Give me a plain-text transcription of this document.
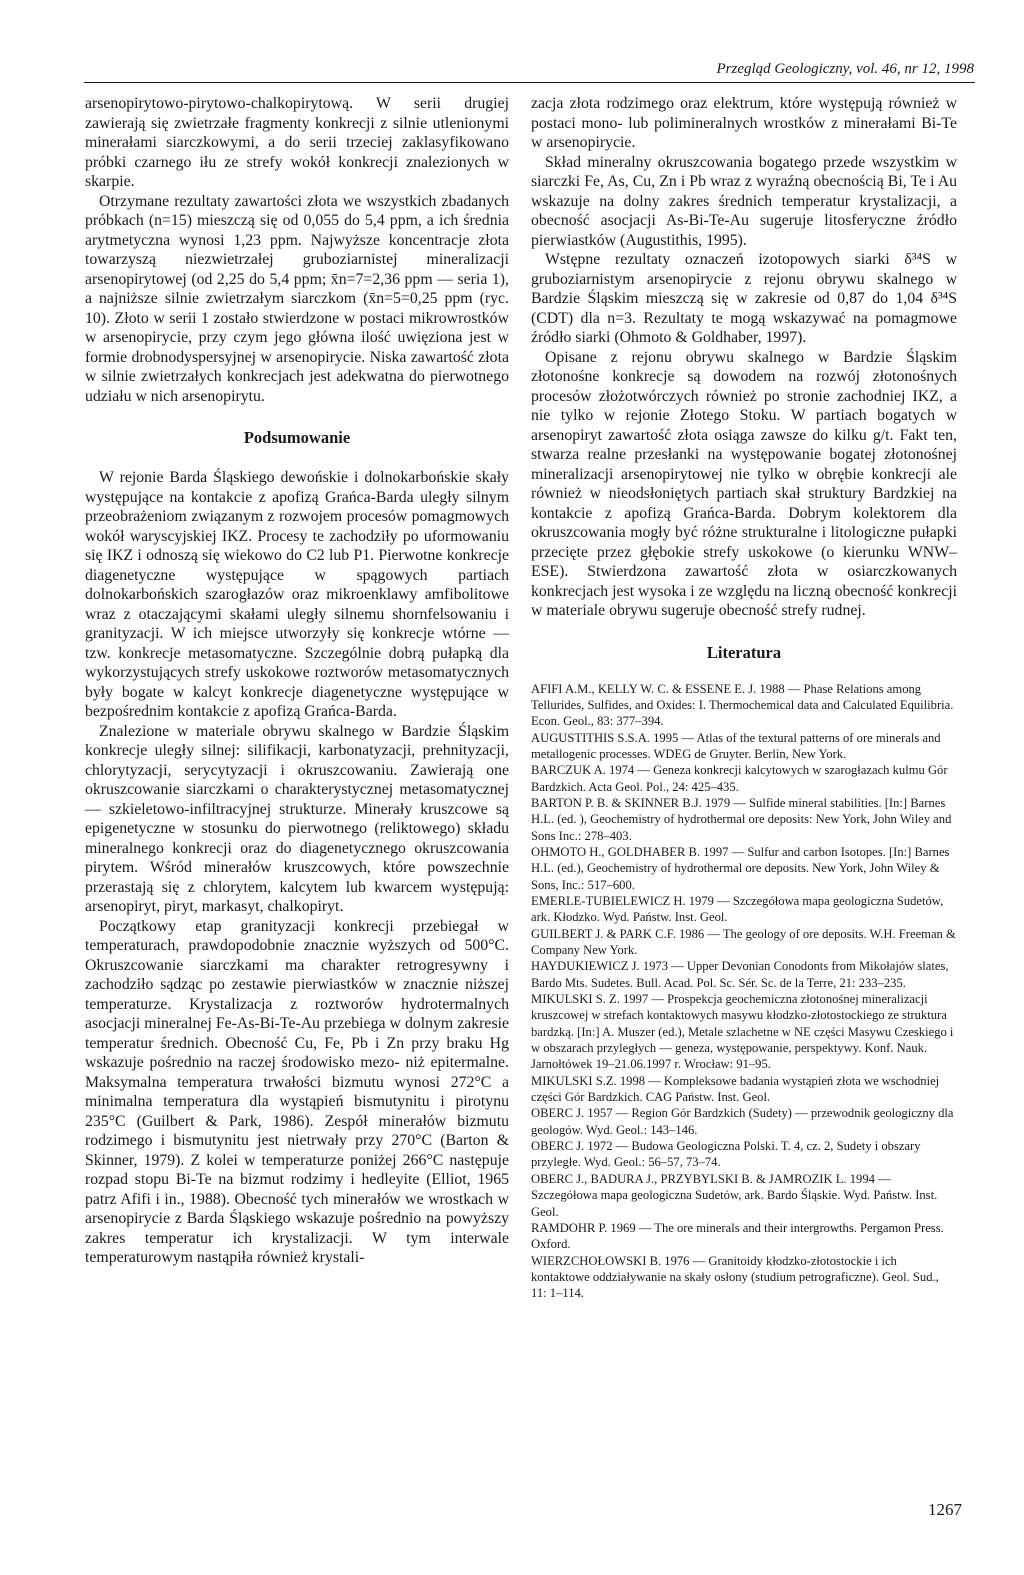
Przegląd Geologiczny, vol. 46, nr 12, 1998

arsenopirytowo-pirytowo-chalkopirytową. W serii drugiej zawierają się zwietrzałe fragmenty konkrecji z silnie utlenionymi minerałami siarczkowymi, a do serii trzeciej zaklasyfikowano próbki czarnego iłu ze strefy wokół konkrecji znalezionych w skarpie.

Otrzymane rezultaty zawartości złota we wszystkich zbadanych próbkach (n=15) mieszczą się od 0,055 do 5,4 ppm, a ich średnia arytmetyczna wynosi 1,23 ppm. Najwyższe koncentracje złota towarzyszą niezwietrzałej gruboziarnistej mineralizacji arsenopirytowej (od 2,25 do 5,4 ppm; x̄n=7=2,36 ppm — seria 1), a najniższe silnie zwietrzałym siarczkom (x̄n=5=0,25 ppm (ryc. 10). Złoto w serii 1 zostało stwierdzone w postaci mikrowrostków w arsenopirycie, przy czym jego główna ilość uwięziona jest w formie drobnodyspersyjnej w arsenopirycie. Niska zawartość złota w silnie zwietrzałych konkrecjach jest adekwatna do pierwotnego udziału w nich arsenopirytu.

Podsumowanie

W rejonie Barda Śląskiego dewońskie i dolnokarbońskie skały występujące na kontakcie z apofizą Grańca-Barda uległy silnym przeobrażeniom związanym z rozwojem procesów pomagmowych wokół waryscyjskiej IKZ. Procesy te zachodziły po uformowaniu się IKZ i odnoszą się wiekowo do C2 lub P1. Pierwotne konkrecje diagenetyczne występujące w spągowych partiach dolnokarbońskich szarogłazów oraz mikroenklawy amfibolitowe wraz z otaczającymi skałami uległy silnemu shornfelsowaniu i granityzacji. W ich miejsce utworzyły się konkrecje wtórne — tzw. konkrecje metasomatyczne. Szczególnie dobrą pułapką dla wykorzystujących strefy uskokowe roztworów metasomatycznych były bogate w kalcyt konkrecje diagenetyczne występujące w bezpośrednim kontakcie z apofizą Grańca-Barda.

Znalezione w materiale obrywu skalnego w Bardzie Śląskim konkrecje uległy silnej: silifikacji, karbonatyzacji, prehnityzacji, chlorytyzacji, serycytyzacji i okruszcowaniu. Zawierają one okruszcowanie siarczkami o charakterystycznej metasomatycznej — szkieletowo-infiltracyjnej strukturze. Minerały kruszcowe są epigenetyczne w stosunku do pierwotnego (reliktowego) składu mineralnego konkrecji oraz do diagenetycznego okruszcowania pirytem. Wśród minerałów kruszcowych, które powszechnie przerastają się z chlorytem, kalcytem lub kwarcem występują: arsenopiryt, piryt, markasyt, chalkopiryt.

Początkowy etap granityzacji konkrecji przebiegał w temperaturach, prawdopodobnie znacznie wyższych od 500°C. Okruszcowanie siarczkami ma charakter retrogresywny i zachodziło sądząc po zestawie pierwiastków w znacznie niższej temperaturze. Krystalizacja z roztworów hydrotermalnych asocjacji mineralnej Fe-As-Bi-Te-Au przebiega w dolnym zakresie temperatur średnich. Obecność Cu, Fe, Pb i Zn przy braku Hg wskazuje pośrednio na raczej środowisko mezo- niż epitermalne. Maksymalna temperatura trwałości bizmutu wynosi 272°C a minimalna temperatura dla wystąpień bismutynitu i pirotynu 235°C (Guilbert & Park, 1986). Zespół minerałów bizmutu rodzimego i bismutynitu jest nietrwały przy 270°C (Barton & Skinner, 1979). Z kolei w temperaturze poniżej 266°C następuje rozpad stopu Bi-Te na bizmut rodzimy i hedleyite (Elliot, 1965 patrz Afifi i in., 1988). Obecność tych minerałów we wrostkach w arsenopirycie z Barda Śląskiego wskazuje pośrednio na powyższy zakres temperatur ich krystalizacji. W tym interwale temperaturowym nastąpiła również krystali-

zacja złota rodzimego oraz elektrum, które występują również w postaci mono- lub polimineralnych wrostków z minerałami Bi-Te w arsenopirycie.

Skład mineralny okruszcowania bogatego przede wszystkim w siarczki Fe, As, Cu, Zn i Pb wraz z wyraźną obecnością Bi, Te i Au wskazuje na dolny zakres średnich temperatur krystalizacji, a obecność asocjacji As-Bi-Te-Au sugeruje litosferyczne źródło pierwiastków (Augustithis, 1995).

Wstępne rezultaty oznaczeń izotopowych siarki δ³⁴S w gruboziarnistym arsenopirycie z rejonu obrywu skalnego w Bardzie Śląskim mieszczą się w zakresie od 0,87 do 1,04 δ³⁴S (CDT) dla n=3. Rezultaty te mogą wskazywać na pomagmowe źródło siarki (Ohmoto & Goldhaber, 1997).

Opisane z rejonu obrywu skalnego w Bardzie Śląskim złotonośne konkrecje są dowodem na rozwój złotonośnych procesów złożotwórczych również po stronie zachodniej IKZ, a nie tylko w rejonie Złotego Stoku. W partiach bogatych w arsenopiryt zawartość złota osiąga zawsze do kilku g/t. Fakt ten, stwarza realne przesłanki na występowanie bogatej złotonośnej mineralizacji arsenopirytowej nie tylko w obrębie konkrecji ale również w nieodsłoniętych partiach skał struktury Bardzkiej na kontakcie z apofizą Grańca-Barda. Dobrym kolektorem dla okruszcowania mogły być różne strukturalne i litologiczne pułapki przecięte przez głębokie strefy uskokowe (o kierunku WNW–ESE). Stwierdzona zawartość złota w osiarczkowanych konkrecjach jest wysoka i ze względu na liczną obecność konkrecji w materiale obrywu sugeruje obecność strefy rudnej.

Literatura

AFIFI A.M., KELLY W. C. & ESSENE E. J. 1988 — Phase Relations among Tellurides, Sulfides, and Oxides: I. Thermochemical data and Calculated Equilibria. Econ. Geol., 83: 377–394.

AUGUSTITHIS S.S.A. 1995 — Atlas of the textural patterns of ore minerals and metallogenic processes. WDEG de Gruyter. Berlin, New York.

BARCZUK A. 1974 — Geneza konkrecji kalcytowych w szarogłazach kulmu Gór Bardzkich. Acta Geol. Pol., 24: 425–435.

BARTON P. B. & SKINNER B.J. 1979 — Sulfide mineral stabilities. [In:] Barnes H.L. (ed. ), Geochemistry of hydrothermal ore deposits: New York, John Wiley and Sons Inc.: 278–403.

OHMOTO H., GOLDHABER B. 1997 — Sulfur and carbon Isotopes. [In:] Barnes H.L. (ed.), Geochemistry of hydrothermal ore deposits. New York, John Wiley & Sons, Inc.: 517–600.

EMERLE-TUBIELEWICZ H. 1979 — Szczegółowa mapa geologiczna Sudetów, ark. Kłodzko. Wyd. Państw. Inst. Geol.

GUILBERT J. & PARK C.F. 1986 — The geology of ore deposits. W.H. Freeman & Company New York.

HAYDUKIEWICZ J. 1973 — Upper Devonian Conodonts from Mikołajów slates, Bardo Mts. Sudetes. Bull. Acad. Pol. Sc. Sér. Sc. de la Terre, 21: 233–235.

MIKULSKI S. Z. 1997 — Prospekcja geochemiczna złotonośnej mineralizacji kruszcowej w strefach kontaktowych masywu kłodzko-złotostockiego ze struktura bardzką. [In:] A. Muszer (ed.), Metale szlachetne w NE części Masywu Czeskiego i w obszarach przyległych — geneza, występowanie, perspektywy. Konf. Nauk. Jarnołtówek 19–21.06.1997 r. Wrocław: 91–95.

MIKULSKI S.Z. 1998 — Kompleksowe badania wystąpień złota we wschodniej części Gór Bardzkich. CAG Państw. Inst. Geol.

OBERC J. 1957 — Region Gór Bardzkich (Sudety) — przewodnik geologiczny dla geologów. Wyd. Geol.: 143–146.

OBERC J. 1972 — Budowa Geologiczna Polski. T. 4, cz. 2, Sudety i obszary przyległe. Wyd. Geol.: 56–57, 73–74.

OBERC J., BADURA J., PRZYBYLSKI B. & JAMROZIK L. 1994 — Szczegółowa mapa geologiczna Sudetów, ark. Bardo Śląskie. Wyd. Państw. Inst. Geol.

RAMDOHR P. 1969 — The ore minerals and their intergrowths. Pergamon Press. Oxford.

WIERZCHOŁOWSKI B. 1976 — Granitoidy kłodzko-złotostockie i ich kontaktowe oddziaływanie na skały osłony (studium petrograficzne). Geol. Sud., 11: 1–114.

1267
